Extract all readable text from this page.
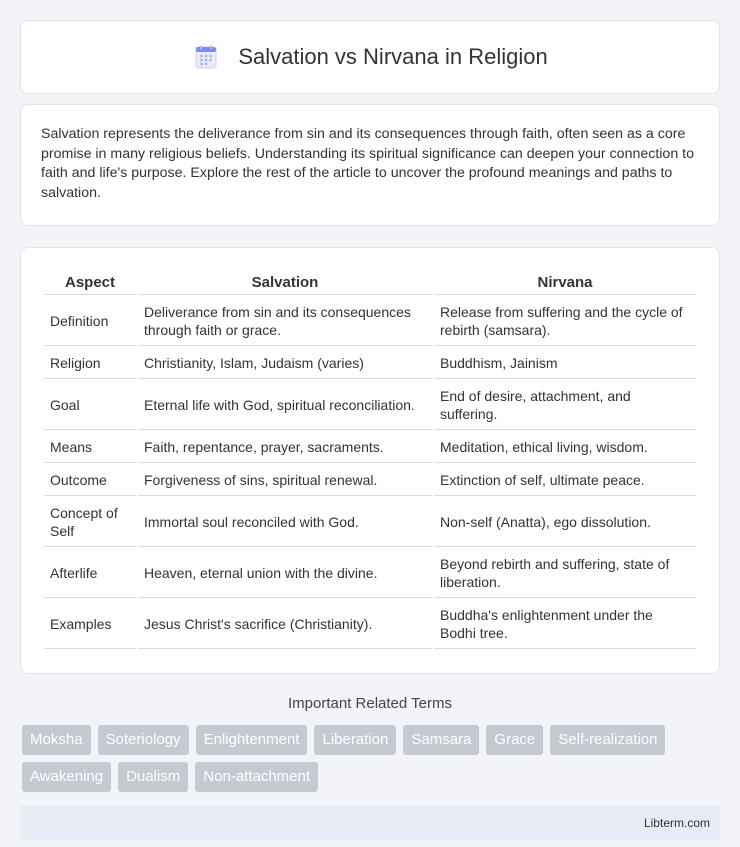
Salvation vs Nirvana in Religion

Salvation represents the deliverance from sin and its consequences through faith, often seen as a core promise in many religious beliefs. Understanding its spiritual significance can deepen your connection to faith and life's purpose. Explore the rest of the article to uncover the profound meanings and paths to salvation.

Aspect	Salvation	Nirvana
Definition	Deliverance from sin and its consequences through faith or grace.	Release from suffering and the cycle of rebirth (samsara).
Religion	Christianity, Islam, Judaism (varies)	Buddhism, Jainism
Goal	Eternal life with God, spiritual reconciliation.	End of desire, attachment, and suffering.
Means	Faith, repentance, prayer, sacraments.	Meditation, ethical living, wisdom.
Outcome	Forgiveness of sins, spiritual renewal.	Extinction of self, ultimate peace.
Concept of Self	Immortal soul reconciled with God.	Non-self (Anatta), ego dissolution.
Afterlife	Heaven, eternal union with the divine.	Beyond rebirth and suffering, state of liberation.
Examples	Jesus Christ's sacrifice (Christianity).	Buddha's enlightenment under the Bodhi tree.
Important Related Terms
Moksha	Soteriology	Enlightenment	Liberation	Samsara	Grace	Self-realization
Awakening	Dualism	Non-attachment
Libterm.com
